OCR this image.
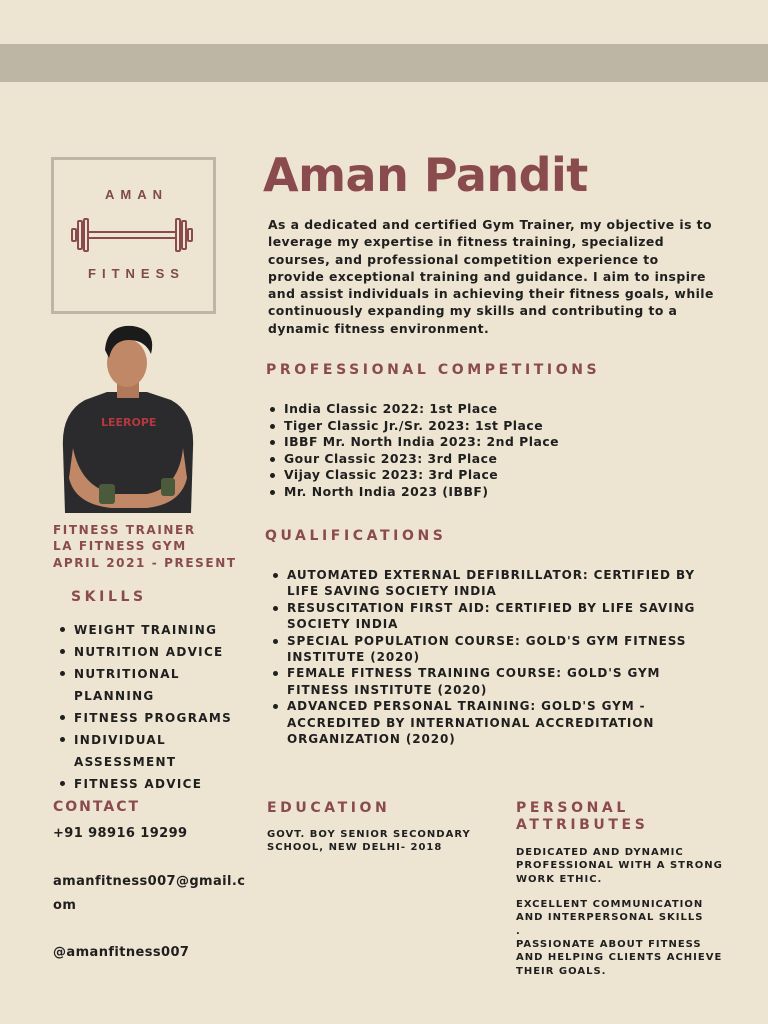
AMAN
FITNESS
LEEROPE
Aman Pandit
As a dedicated and certified Gym Trainer, my objective is to leverage my expertise in fitness training, specialized courses, and professional competition experience to provide exceptional training and guidance. I aim to inspire and assist individuals in achieving their fitness goals, while continuously expanding my skills and contributing to a dynamic fitness environment.
PROFESSIONAL COMPETITIONS
India Classic 2022: 1st Place
Tiger Classic Jr./Sr. 2023: 1st Place
IBBF Mr. North India 2023: 2nd Place
Gour Classic 2023: 3rd Place
Vijay Classic 2023: 3rd Place
Mr. North India 2023 (IBBF)
QUALIFICATIONS
AUTOMATED EXTERNAL DEFIBRILLATOR: CERTIFIED BY LIFE SAVING SOCIETY INDIA
RESUSCITATION FIRST AID: CERTIFIED BY LIFE SAVING SOCIETY INDIA
SPECIAL POPULATION COURSE: GOLD'S GYM FITNESS INSTITUTE (2020)
FEMALE FITNESS TRAINING COURSE: GOLD'S GYM FITNESS INSTITUTE (2020)
ADVANCED PERSONAL TRAINING: GOLD'S GYM - ACCREDITED BY INTERNATIONAL ACCREDITATION ORGANIZATION (2020)
FITNESS TRAINER
LA FITNESS GYM
APRIL 2021 - PRESENT
SKILLS
WEIGHT TRAINING
NUTRITION ADVICE
NUTRITIONAL PLANNING
FITNESS PROGRAMS
INDIVIDUAL ASSESSMENT
FITNESS ADVICE
CONTACT
+91 98916 19299
amanfitness007@gmail.com
@amanfitness007
EDUCATION
GOVT. BOY SENIOR SECONDARY SCHOOL, NEW DELHI- 2018
PERSONAL
ATTRIBUTES
DEDICATED AND DYNAMIC PROFESSIONAL WITH A STRONG WORK ETHIC.
EXCELLENT COMMUNICATION AND INTERPERSONAL SKILLS
.
PASSIONATE ABOUT FITNESS
AND HELPING CLIENTS ACHIEVE THEIR GOALS.
